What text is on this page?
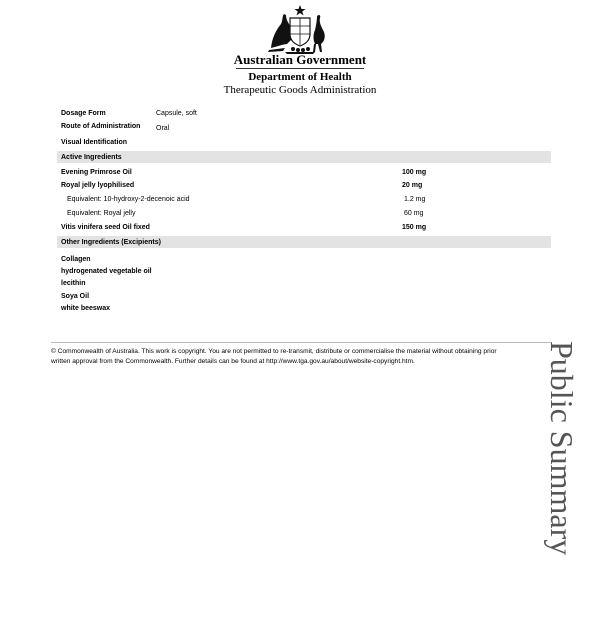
Australian Government
Department of Health
Therapeutic Goods Administration
Dosage Form	Capsule, soft
Route of Administration Oral
Visual Identification
Active Ingredients
Evening Primrose Oil	100 mg
Royal jelly lyophilised	20 mg
Equivalent: 10-hydroxy-2-decenoic acid	1.2 mg
Equivalent: Royal jelly	60 mg
Vitis vinifera seed Oil fixed	150 mg
Other Ingredients (Excipients)
Collagen
hydrogenated vegetable oil
lecithin
Soya Oil
white beeswax
© Commonwealth of Australia. This work is copyright. You are not permitted to re-transmit, distribute or commercialise the material without obtaining prior
written approval from the Commonwealth. Further details can be found at http://www.tga.gov.au/about/website-copyright.htm.	Public Summary
